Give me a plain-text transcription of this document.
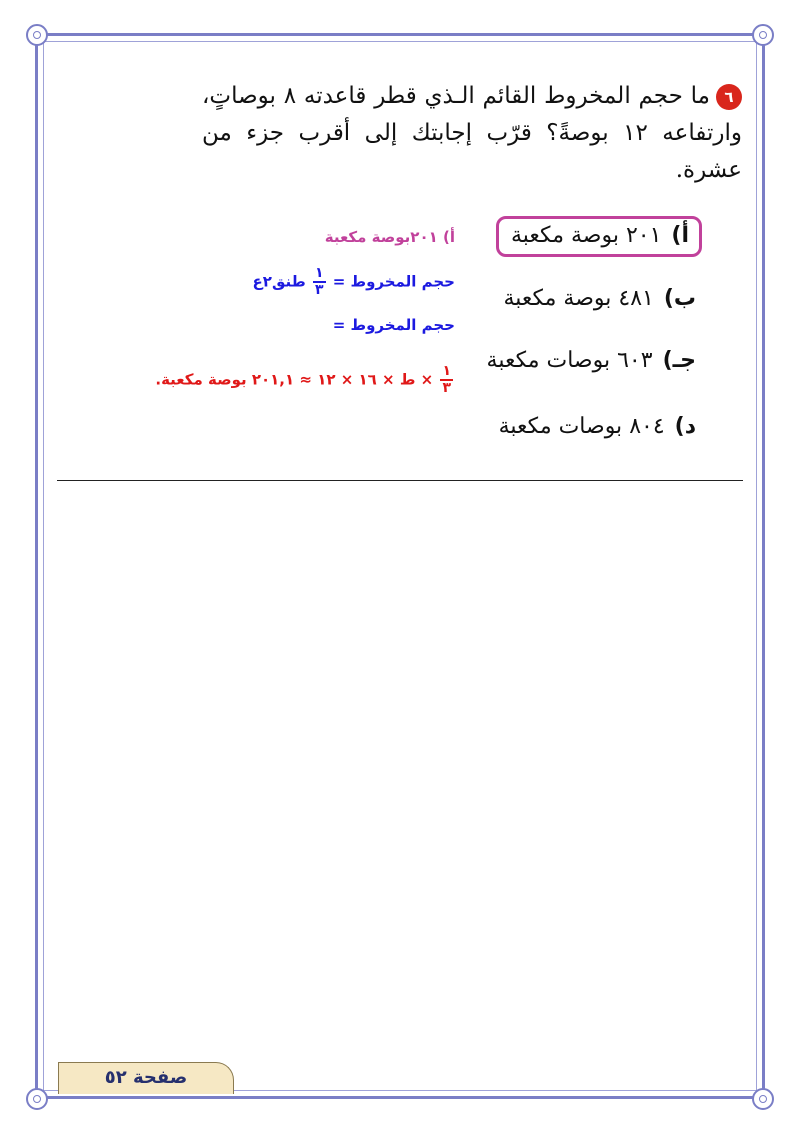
٦ما حجم المخروط القائم الـذي قطر قاعدته ٨ بوصاتٍ، وارتفاعه ١٢ بوصةً؟ قرّب إجابتك إلى أقرب جزء من عشرة.
أ)٢٠١ بوصة مكعبة
ب)٤٨١ بوصة مكعبة
جـ)٦٠٣ بوصات مكعبة
د)٨٠٤ بوصات مكعبة
أ) ٢٠١بوصة مكعبة
حجم المخروط =
$\frac{١}{٣}$
طنق٢ع
حجم المخروط =
$\frac{١}{٣}$
× ط × ١٦ × ١٢ ≈ ٢٠١,١ بوصة مكعبة.
صفحة ٥٢
